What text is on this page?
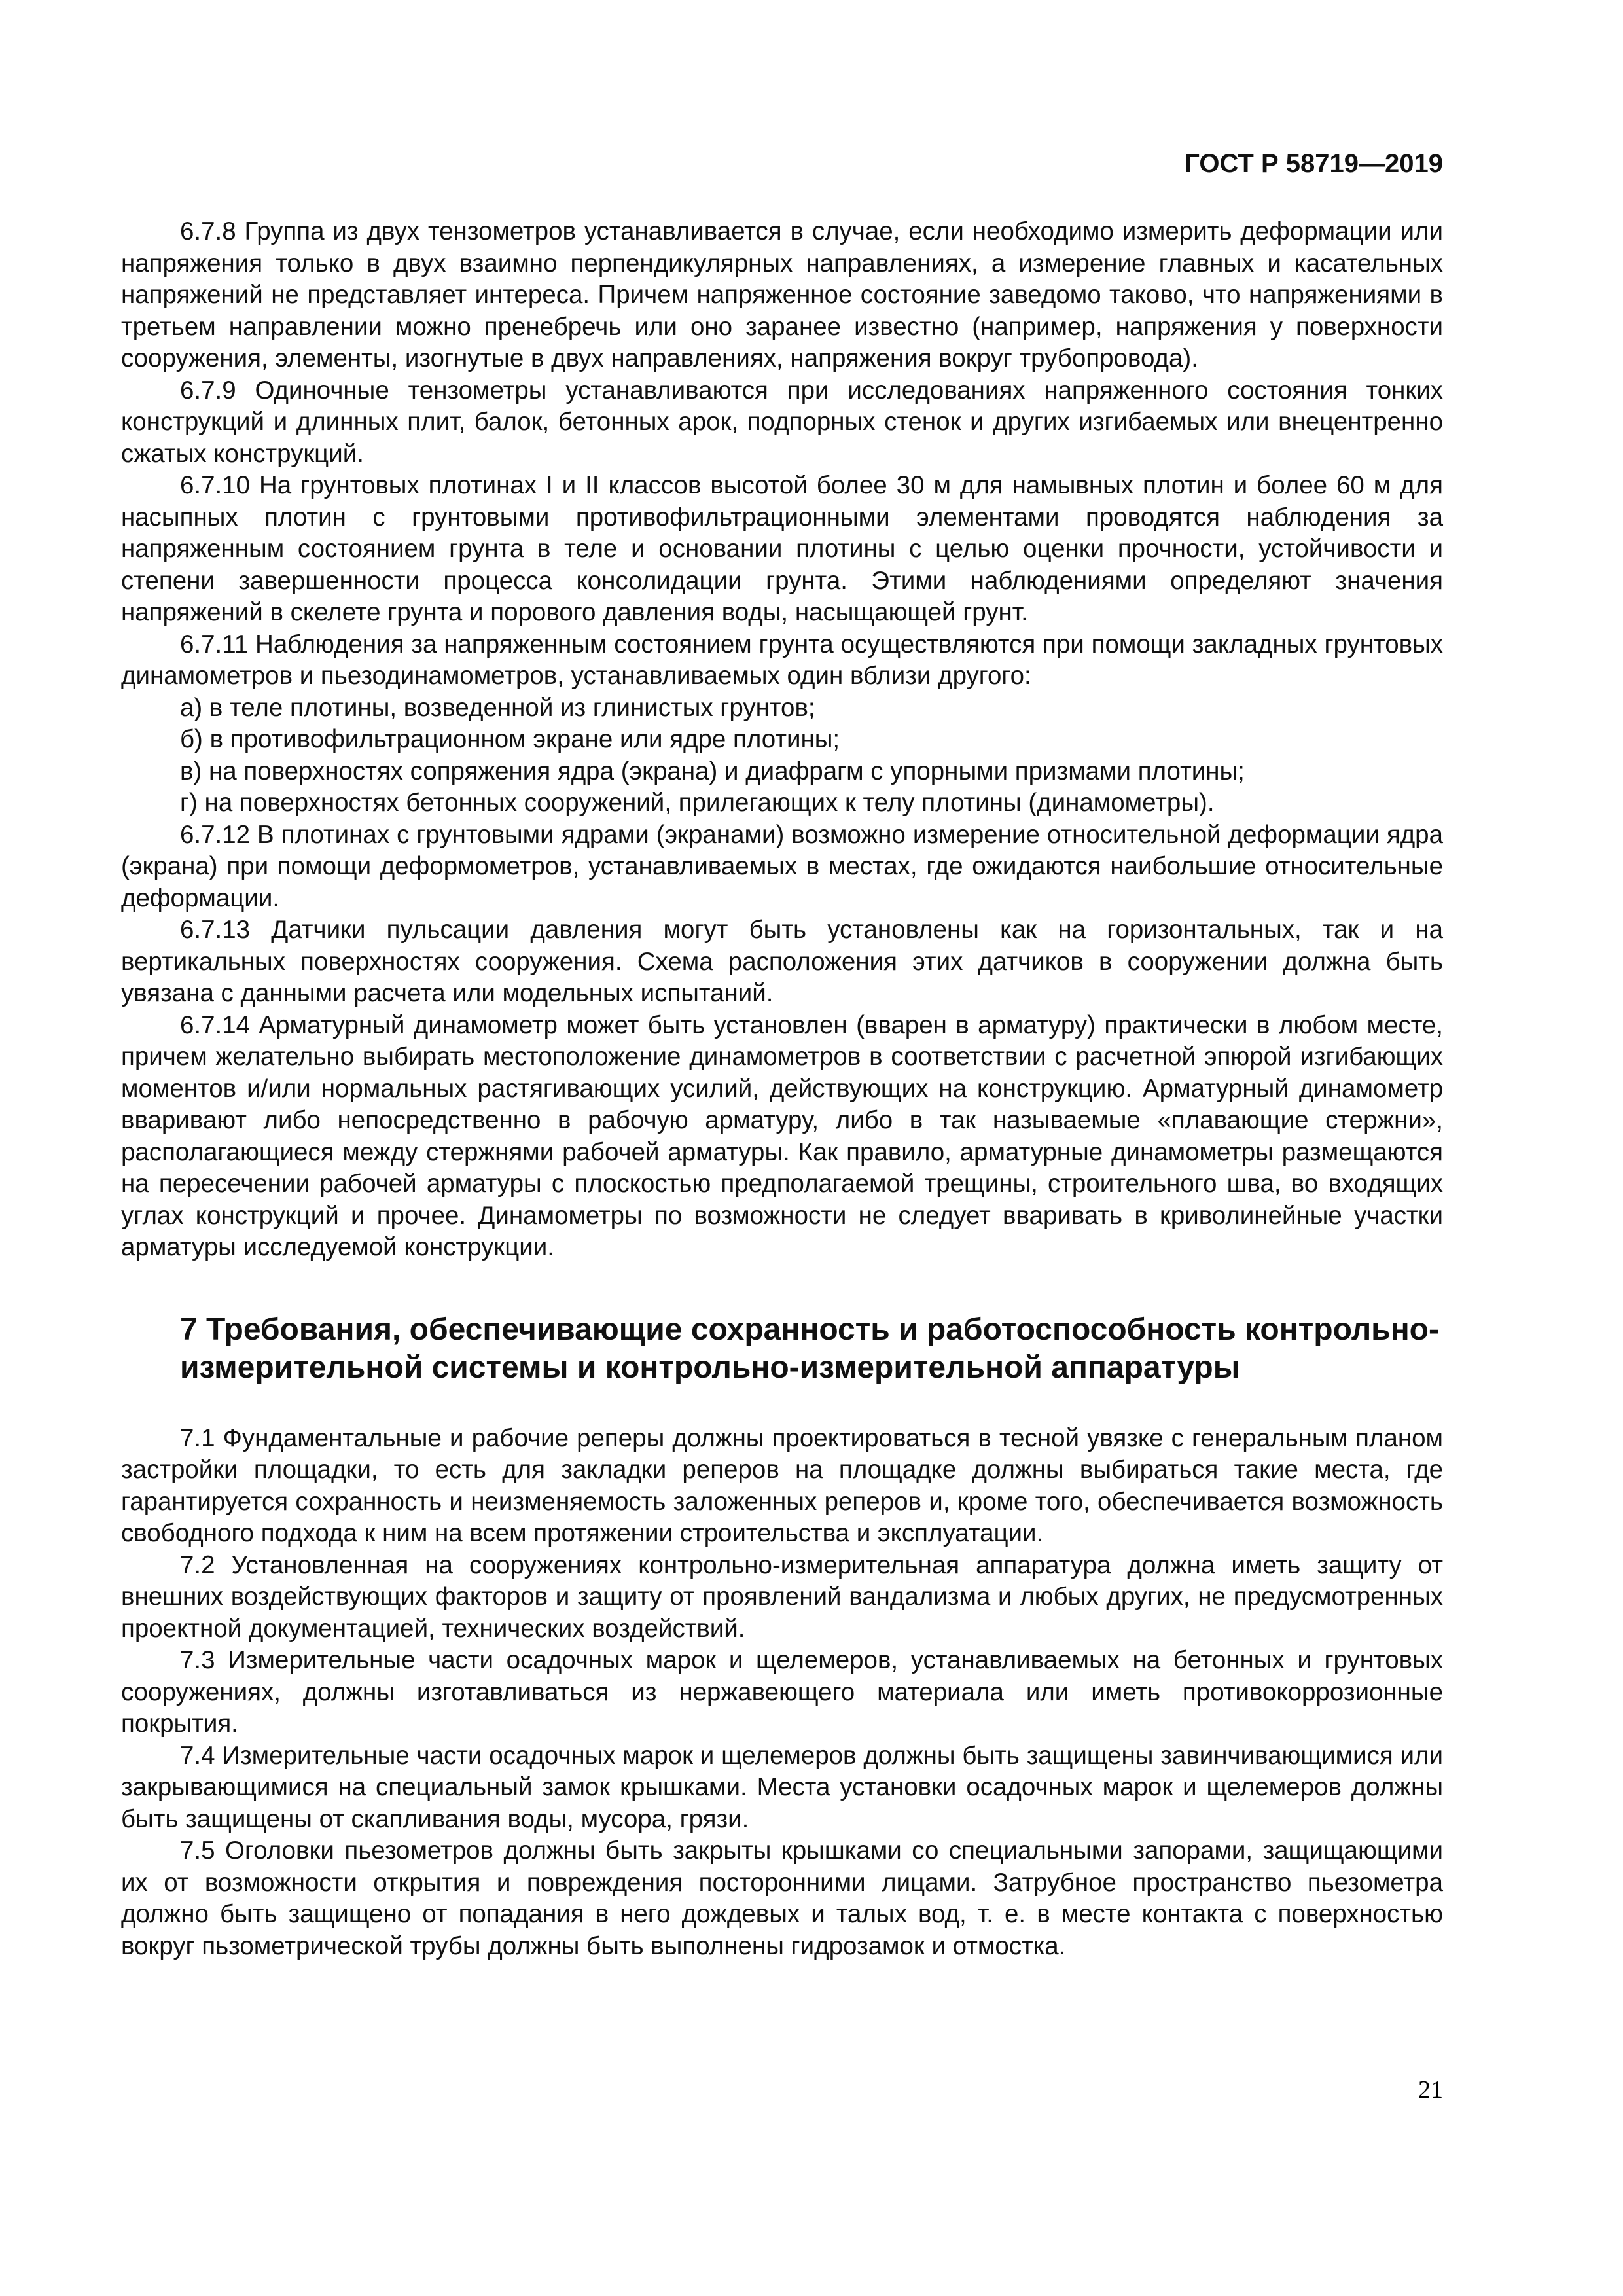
ГОСТ Р 58719—2019

6.7.8 Группа из двух тензометров устанавливается в случае, если необходимо измерить деформации или напряжения только в двух взаимно перпендикулярных направлениях, а измерение главных и касательных напряжений не представляет интереса. Причем напряженное состояние заведомо таково, что напряжениями в третьем направлении можно пренебречь или оно заранее известно (например, напряжения у поверхности сооружения, элементы, изогнутые в двух направлениях, напряжения вокруг трубопровода).

6.7.9 Одиночные тензометры устанавливаются при исследованиях напряженного состояния тонких конструкций и длинных плит, балок, бетонных арок, подпорных стенок и других изгибаемых или внецентренно сжатых конструкций.

6.7.10 На грунтовых плотинах I и II классов высотой более 30 м для намывных плотин и более 60 м для насыпных плотин с грунтовыми противофильтрационными элементами проводятся наблюдения за напряженным состоянием грунта в теле и основании плотины с целью оценки прочности, устойчивости и степени завершенности процесса консолидации грунта. Этими наблюдениями определяют значения напряжений в скелете грунта и порового давления воды, насыщающей грунт.

6.7.11 Наблюдения за напряженным состоянием грунта осуществляются при помощи закладных грунтовых динамометров и пьезодинамометров, устанавливаемых один вблизи другого:

а) в теле плотины, возведенной из глинистых грунтов;

б) в противофильтрационном экране или ядре плотины;

в) на поверхностях сопряжения ядра (экрана) и диафрагм с упорными призмами плотины;

г) на поверхностях бетонных сооружений, прилегающих к телу плотины (динамометры).

6.7.12 В плотинах с грунтовыми ядрами (экранами) возможно измерение относительной деформации ядра (экрана) при помощи деформометров, устанавливаемых в местах, где ожидаются наибольшие относительные деформации.

6.7.13 Датчики пульсации давления могут быть установлены как на горизонтальных, так и на вертикальных поверхностях сооружения. Схема расположения этих датчиков в сооружении должна быть увязана с данными расчета или модельных испытаний.

6.7.14 Арматурный динамометр может быть установлен (вварен в арматуру) практически в любом месте, причем желательно выбирать местоположение динамометров в соответствии с расчетной эпюрой изгибающих моментов и/или нормальных растягивающих усилий, действующих на конструкцию. Арматурный динамометр вваривают либо непосредственно в рабочую арматуру, либо в так называемые «плавающие стержни», располагающиеся между стержнями рабочей арматуры. Как правило, арматурные динамометры размещаются на пересечении рабочей арматуры с плоскостью предполагаемой трещины, строительного шва, во входящих углах конструкций и прочее. Динамометры по возможности не следует вваривать в криволинейные участки арматуры исследуемой конструкции.

7 Требования, обеспечивающие сохранность и работоспособность контрольно-измерительной системы и контрольно-измерительной аппаратуры

7.1 Фундаментальные и рабочие реперы должны проектироваться в тесной увязке с генеральным планом застройки площадки, то есть для закладки реперов на площадке должны выбираться такие места, где гарантируется сохранность и неизменяемость заложенных реперов и, кроме того, обеспечивается возможность свободного подхода к ним на всем протяжении строительства и эксплуатации.

7.2 Установленная на сооружениях контрольно-измерительная аппаратура должна иметь защиту от внешних воздействующих факторов и защиту от проявлений вандализма и любых других, не предусмотренных проектной документацией, технических воздействий.

7.3 Измерительные части осадочных марок и щелемеров, устанавливаемых на бетонных и грунтовых сооружениях, должны изготавливаться из нержавеющего материала или иметь противокоррозионные покрытия.

7.4 Измерительные части осадочных марок и щелемеров должны быть защищены завинчивающимися или закрывающимися на специальный замок крышками. Места установки осадочных марок и щелемеров должны быть защищены от скапливания воды, мусора, грязи.

7.5 Оголовки пьезометров должны быть закрыты крышками со специальными запорами, защищающими их от возможности открытия и повреждения посторонними лицами. Затрубное пространство пьезометра должно быть защищено от попадания в него дождевых и талых вод, т. е. в месте контакта с поверхностью вокруг пьзометрической трубы должны быть выполнены гидрозамок и отмостка.

21
